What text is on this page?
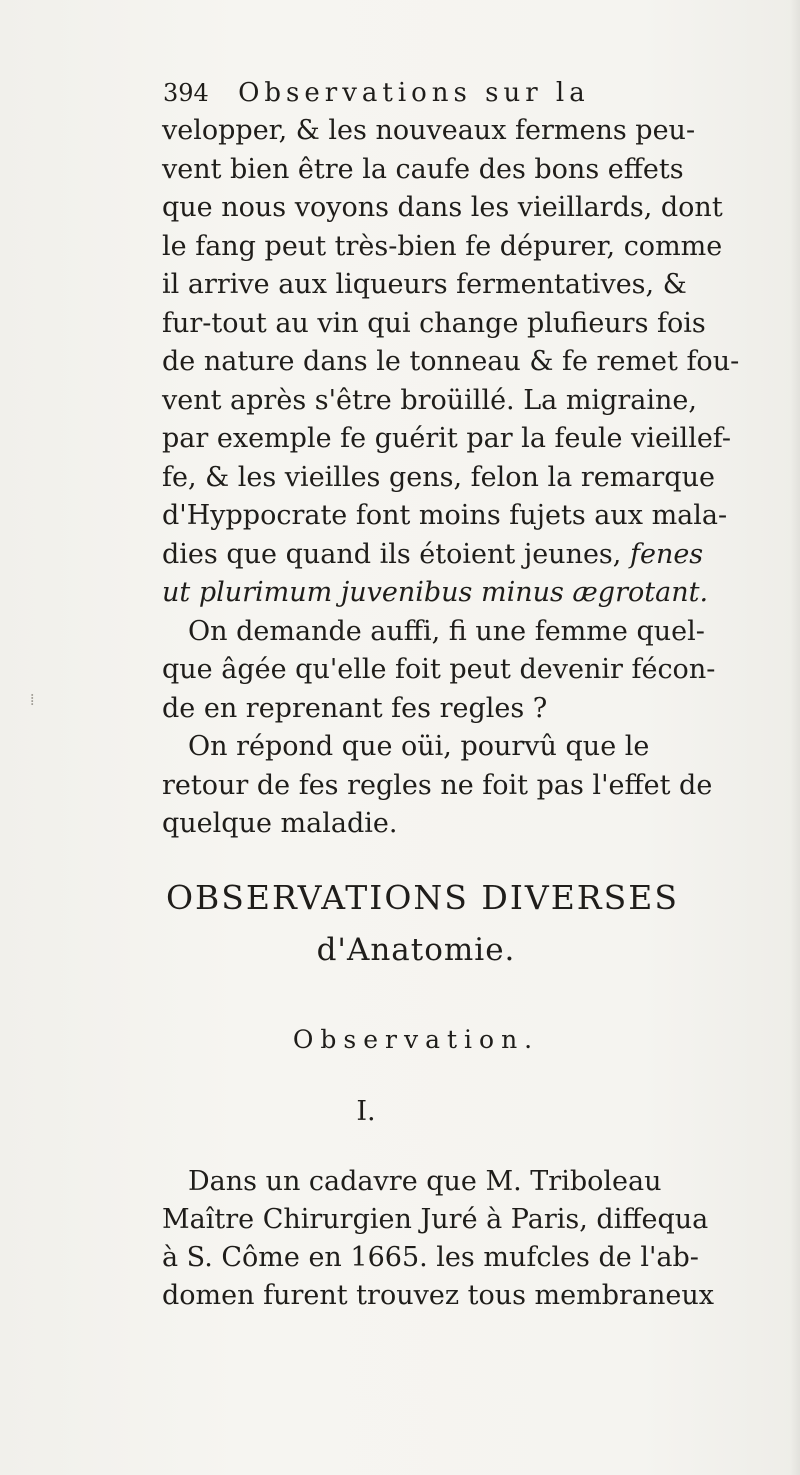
394 Observations sur la
velopper, & les nouveaux fermens peu-
vent bien être la caufe des bons effets
que nous voyons dans les vieillards, dont
le fang peut très-bien fe dépurer, comme
il arrive aux liqueurs fermentatives, &
fur-tout au vin qui change plufieurs fois
de nature dans le tonneau & fe remet fou-
vent après s'être broüillé. La migraine,
par exemple fe guérit par la feule vieillef-
fe, & les vieilles gens, felon la remarque
d'Hyppocrate font moins fujets aux mala-
dies que quand ils étoient jeunes, fenes
ut plurimum juvenibus minus ægrotant.
On demande auffi, fi une femme quel-
que âgée qu'elle foit peut devenir fécon-
de en reprenant fes regles ?
On répond que oüi, pourvû que le
retour de fes regles ne foit pas l'effet de
quelque maladie.
OBSERVATIONS DIVERSES
d'Anatomie.
Observation.
I.
Dans un cadavre que M. Triboleau
Maître Chirurgien Juré à Paris, diffequa
à S. Côme en 1665. les mufcles de l'ab-
domen furent trouvez tous membraneux
⁞
